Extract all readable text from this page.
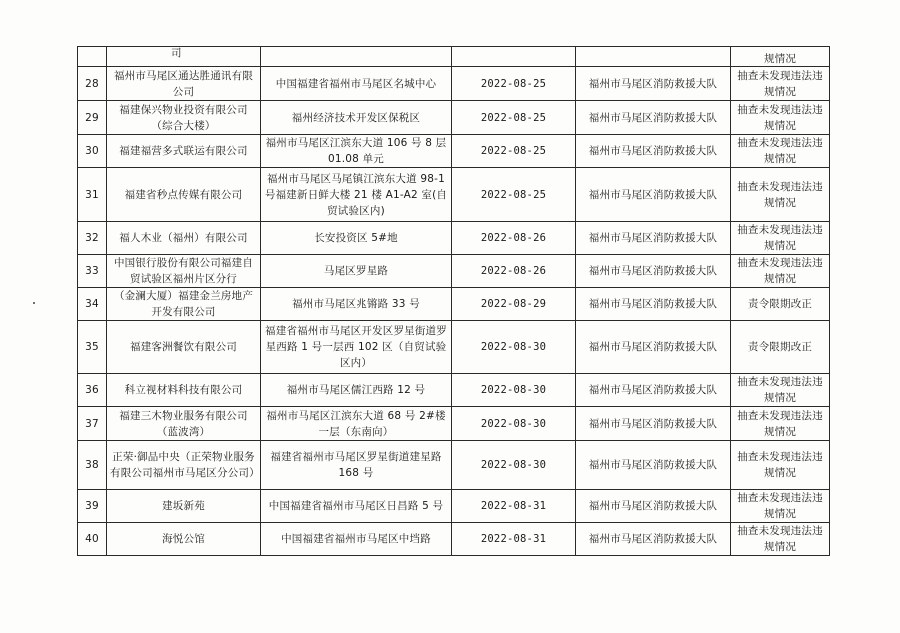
	司				规情况
28	福州市马尾区通达胜通讯有限公司	中国福建省福州市马尾区名城中心	2022-08-25	福州市马尾区消防救援大队	抽查未发现违法违规情况
29	福建保兴物业投资有限公司（综合大楼）	福州经济技术开发区保税区	2022-08-25	福州市马尾区消防救援大队	抽查未发现违法违规情况
30	福建福营多式联运有限公司	福州市马尾区江滨东大道 106 号 8 层 01.08 单元	2022-08-25	福州市马尾区消防救援大队	抽查未发现违法违规情况
31	福建省秒点传媒有限公司	福州市马尾区马尾镇江滨东大道 98-1 号福建新日鲜大楼 21 楼 A1-A2 室(自贸试验区内)	2022-08-25	福州市马尾区消防救援大队	抽查未发现违法违规情况
32	福人木业（福州）有限公司	长安投资区 5#地	2022-08-26	福州市马尾区消防救援大队	抽查未发现违法违规情况
33	中国银行股份有限公司福建自贸试验区福州片区分行	马尾区罗星路	2022-08-26	福州市马尾区消防救援大队	抽查未发现违法违规情况
34	（金澜大厦）福建金兰房地产开发有限公司	福州市马尾区兆锵路 33 号	2022-08-29	福州市马尾区消防救援大队	责令限期改正
35	福建客洲餐饮有限公司	福建省福州市马尾区开发区罗星街道罗星西路 1 号一层西 102 区（自贸试验区内）	2022-08-30	福州市马尾区消防救援大队	责令限期改正
36	科立视材料科技有限公司	福州市马尾区儒江西路 12 号	2022-08-30	福州市马尾区消防救援大队	抽查未发现违法违规情况
37	福建三木物业服务有限公司（蓝波湾）	福州市马尾区江滨东大道 68 号 2#楼一层（东南向）	2022-08-30	福州市马尾区消防救援大队	抽查未发现违法违规情况
38	正荣·御品中央（正荣物业服务有限公司福州市马尾区分公司）	福建省福州市马尾区罗星街道建星路 168 号	2022-08-30	福州市马尾区消防救援大队	抽查未发现违法违规情况
39	建坂新苑	中国福建省福州市马尾区日昌路 5 号	2022-08-31	福州市马尾区消防救援大队	抽查未发现违法违规情况
40	海悦公馆	中国福建省福州市马尾区中垱路	2022-08-31	福州市马尾区消防救援大队	抽查未发现违法违规情况
